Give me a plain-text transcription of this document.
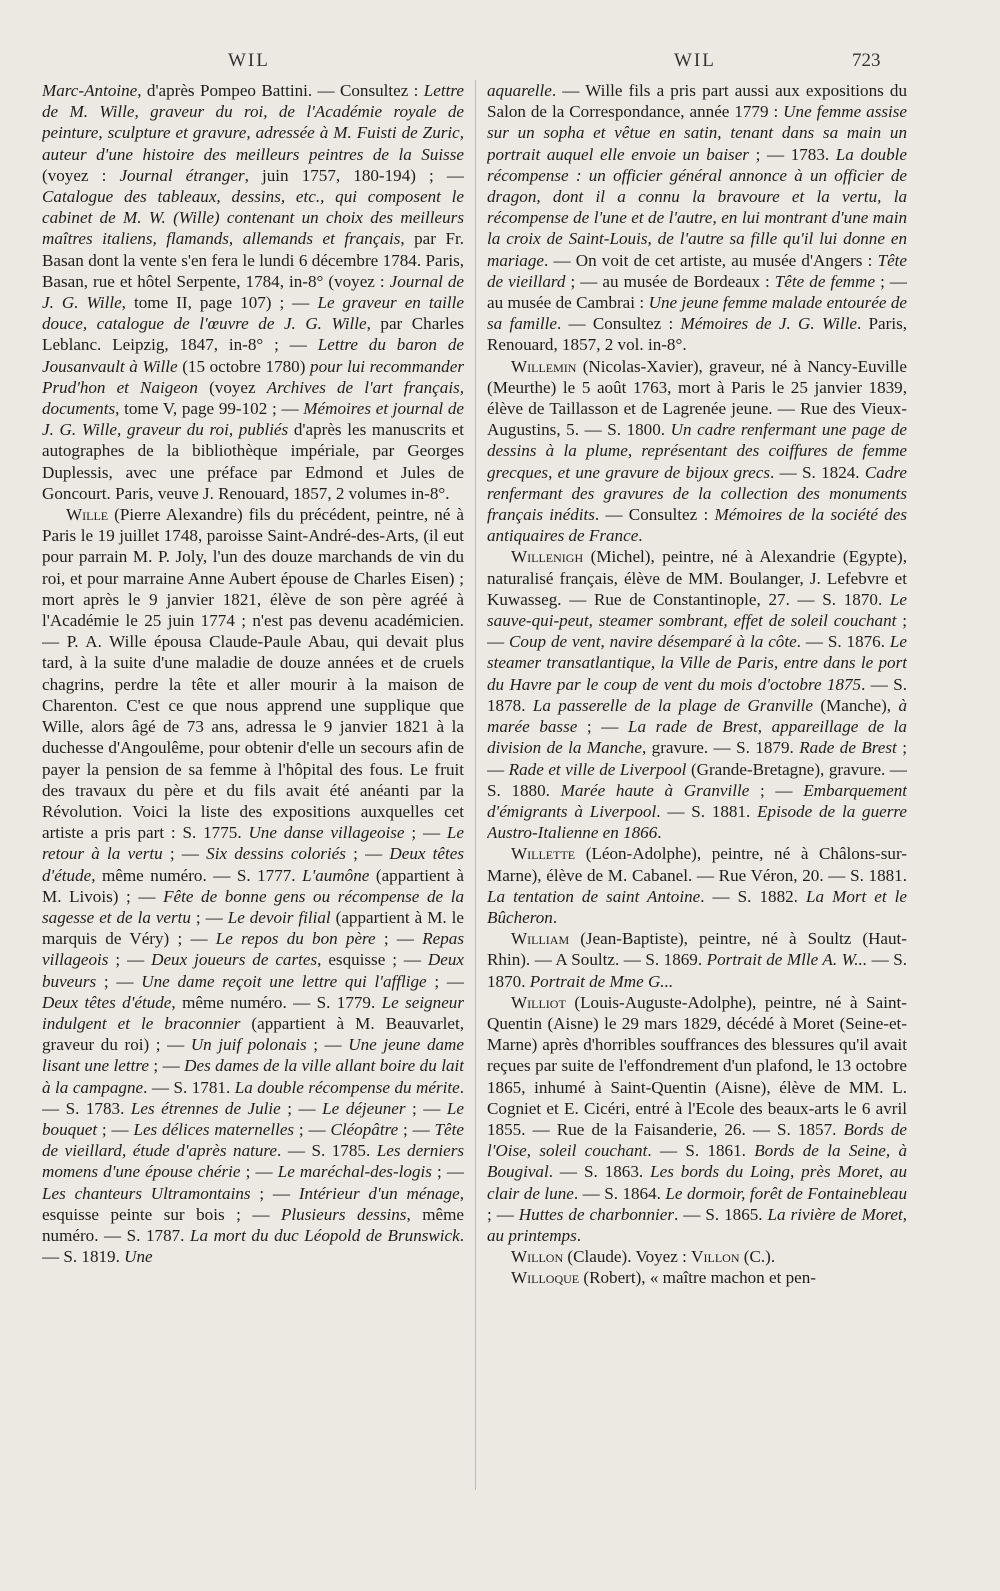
WIL	WIL	723

Marc-Antoine, d'après Pompeo Battini. — Consultez : Lettre de M. Wille, graveur du roi, de l'Académie royale de peinture, sculpture et gravure, adressée à M. Fuisti de Zuric, auteur d'une histoire des meilleurs peintres de la Suisse (voyez : Journal étranger, juin 1757, 180-194) ; — Catalogue des tableaux, dessins, etc., qui composent le cabinet de M. W. (Wille) contenant un choix des meilleurs maîtres italiens, flamands, allemands et français, par Fr. Basan dont la vente s'en fera le lundi 6 décembre 1784. Paris, Basan, rue et hôtel Serpente, 1784, in-8° (voyez : Journal de J. G. Wille, tome II, page 107) ; — Le graveur en taille douce, catalogue de l'œuvre de J. G. Wille, par Charles Leblanc. Leipzig, 1847, in-8° ; — Lettre du baron de Jousanvault à Wille (15 octobre 1780) pour lui recommander Prud'hon et Naigeon (voyez Archives de l'art français, documents, tome V, page 99-102 ; — Mémoires et journal de J. G. Wille, graveur du roi, publiés d'après les manuscrits et autographes de la bibliothèque impériale, par Georges Duplessis, avec une préface par Edmond et Jules de Goncourt. Paris, veuve J. Renouard, 1857, 2 volumes in-8°.

Wille (Pierre Alexandre) fils du précédent, peintre, né à Paris le 19 juillet 1748, paroisse Saint-André-des-Arts, (il eut pour parrain M. P. Joly, l'un des douze marchands de vin du roi, et pour marraine Anne Aubert épouse de Charles Eisen) ; mort après le 9 janvier 1821, élève de son père agréé à l'Académie le 25 juin 1774 ; n'est pas devenu académicien. — P. A. Wille épousa Claude-Paule Abau, qui devait plus tard, à la suite d'une maladie de douze années et de cruels chagrins, perdre la tête et aller mourir à la maison de Charenton. C'est ce que nous apprend une supplique que Wille, alors âgé de 73 ans, adressa le 9 janvier 1821 à la duchesse d'Angoulême, pour obtenir d'elle un secours afin de payer la pension de sa femme à l'hôpital des fous. Le fruit des travaux du père et du fils avait été anéanti par la Révolution. Voici la liste des expositions auxquelles cet artiste a pris part : S. 1775. Une danse villageoise ; — Le retour à la vertu ; — Six dessins coloriés ; — Deux têtes d'étude, même numéro. — S. 1777. L'aumône (appartient à M. Livois) ; — Fête de bonne gens ou récompense de la sagesse et de la vertu ; — Le devoir filial (appartient à M. le marquis de Véry) ; — Le repos du bon père ; — Repas villageois ; — Deux joueurs de cartes, esquisse ; — Deux buveurs ; — Une dame reçoit une lettre qui l'afflige ; — Deux têtes d'étude, même numéro. — S. 1779. Le seigneur indulgent et le braconnier (appartient à M. Beauvarlet, graveur du roi) ; — Un juif polonais ; — Une jeune dame lisant une lettre ; — Des dames de la ville allant boire du lait à la campagne. — S. 1781. La double récompense du mérite. — S. 1783. Les étrennes de Julie ; — Le déjeuner ; — Le bouquet ; — Les délices maternelles ; — Cléopâtre ; — Tête de vieillard, étude d'après nature. — S. 1785. Les derniers momens d'une épouse chérie ; — Le maréchal-des-logis ; — Les chanteurs Ultramontains ; — Intérieur d'un ménage, esquisse peinte sur bois ; — Plusieurs dessins, même numéro. — S. 1787. La mort du duc Léopold de Brunswick. — S. 1819. Une

aquarelle. — Wille fils a pris part aussi aux expositions du Salon de la Correspondance, année 1779 : Une femme assise sur un sopha et vêtue en satin, tenant dans sa main un portrait auquel elle envoie un baiser ; — 1783. La double récompense : un officier général annonce à un officier de dragon, dont il a connu la bravoure et la vertu, la récompense de l'une et de l'autre, en lui montrant d'une main la croix de Saint-Louis, de l'autre sa fille qu'il lui donne en mariage. — On voit de cet artiste, au musée d'Angers : Tête de vieillard ; — au musée de Bordeaux : Tête de femme ; — au musée de Cambrai : Une jeune femme malade entourée de sa famille. — Consultez : Mémoires de J. G. Wille. Paris, Renouard, 1857, 2 vol. in-8°.

Willemin (Nicolas-Xavier), graveur, né à Nancy-Euville (Meurthe) le 5 août 1763, mort à Paris le 25 janvier 1839, élève de Taillasson et de Lagrenée jeune. — Rue des Vieux-Augustins, 5. — S. 1800. Un cadre renfermant une page de dessins à la plume, représentant des coiffures de femme grecques, et une gravure de bijoux grecs. — S. 1824. Cadre renfermant des gravures de la collection des monuments français inédits. — Consultez : Mémoires de la société des antiquaires de France.

Willenigh (Michel), peintre, né à Alexandrie (Egypte), naturalisé français, élève de MM. Boulanger, J. Lefebvre et Kuwasseg. — Rue de Constantinople, 27. — S. 1870. Le sauve-qui-peut, steamer sombrant, effet de soleil couchant ; — Coup de vent, navire désemparé à la côte. — S. 1876. Le steamer transatlantique, la Ville de Paris, entre dans le port du Havre par le coup de vent du mois d'octobre 1875. — S. 1878. La passerelle de la plage de Granville (Manche), à marée basse ; — La rade de Brest, appareillage de la division de la Manche, gravure. — S. 1879. Rade de Brest ; — Rade et ville de Liverpool (Grande-Bretagne), gravure. — S. 1880. Marée haute à Granville ; — Embarquement d'émigrants à Liverpool. — S. 1881. Episode de la guerre Austro-Italienne en 1866.

Willette (Léon-Adolphe), peintre, né à Châlons-sur-Marne), élève de M. Cabanel. — Rue Véron, 20. — S. 1881. La tentation de saint Antoine. — S. 1882. La Mort et le Bûcheron.

William (Jean-Baptiste), peintre, né à Soultz (Haut-Rhin). — A Soultz. — S. 1869. Portrait de Mlle A. W... — S. 1870. Portrait de Mme G...

Williot (Louis-Auguste-Adolphe), peintre, né à Saint-Quentin (Aisne) le 29 mars 1829, décédé à Moret (Seine-et-Marne) après d'horribles souffrances des blessures qu'il avait reçues par suite de l'effondrement d'un plafond, le 13 octobre 1865, inhumé à Saint-Quentin (Aisne), élève de MM. L. Cogniet et E. Cicéri, entré à l'Ecole des beaux-arts le 6 avril 1855. — Rue de la Faisanderie, 26. — S. 1857. Bords de l'Oise, soleil couchant. — S. 1861. Bords de la Seine, à Bougival. — S. 1863. Les bords du Loing, près Moret, au clair de lune. — S. 1864. Le dormoir, forêt de Fontainebleau ; — Huttes de charbonnier. — S. 1865. La rivière de Moret, au printemps.

Willon (Claude). Voyez : Villon (C.).

Willoque (Robert), « maître machon et pen-
